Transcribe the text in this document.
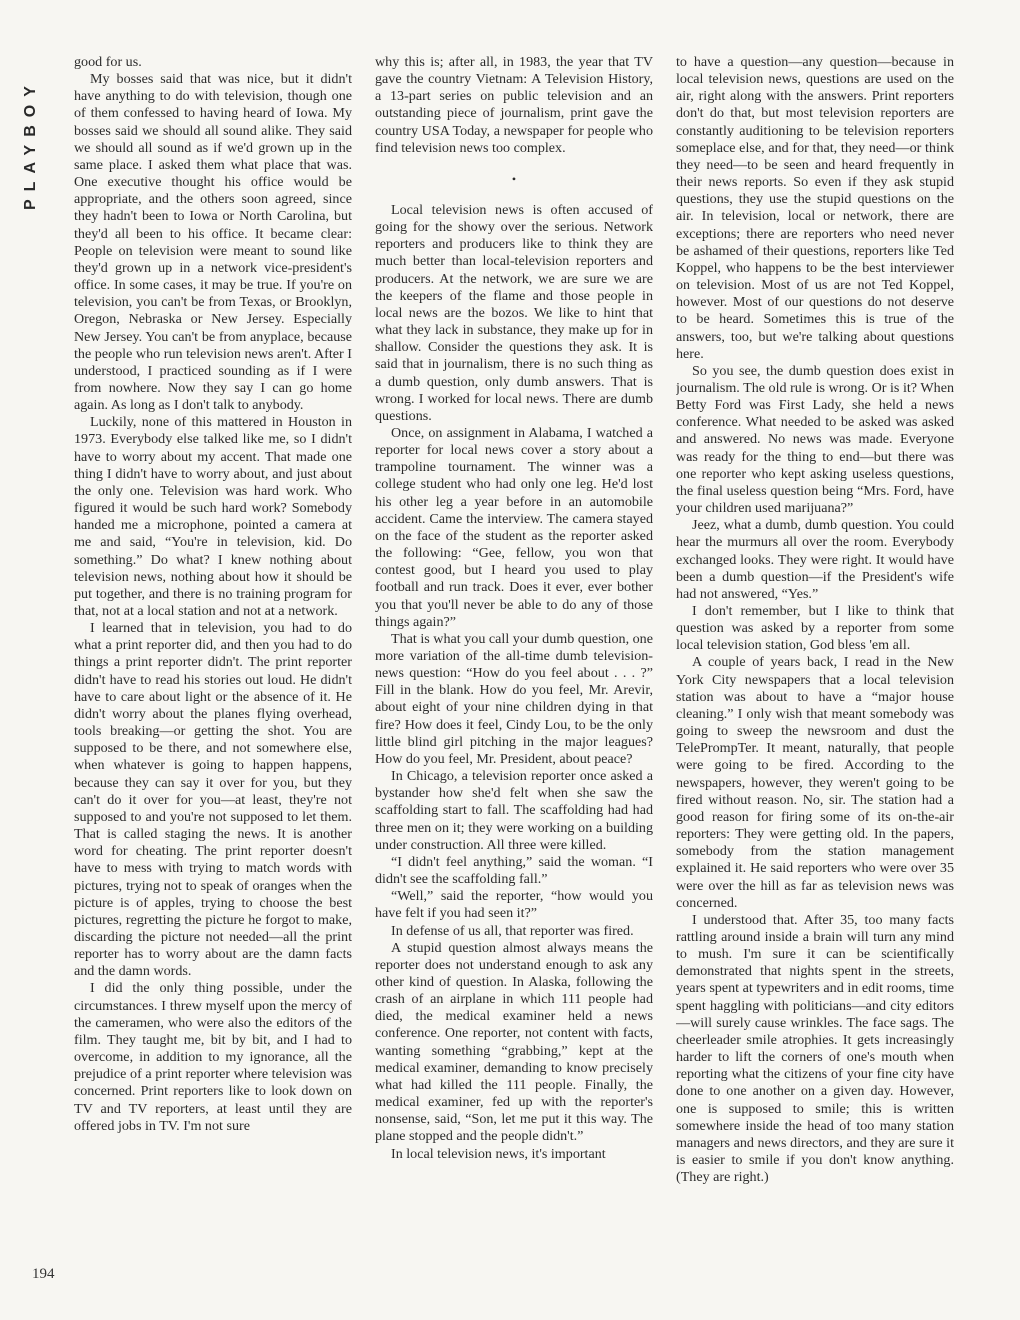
PLAYBOY

good for us.

My bosses said that was nice, but it didn't have anything to do with television, though one of them confessed to having heard of Iowa. My bosses said we should all sound alike. They said we should all sound as if we'd grown up in the same place. I asked them what place that was. One executive thought his office would be appropriate, and the others soon agreed, since they hadn't been to Iowa or North Carolina, but they'd all been to his office. It became clear: People on television were meant to sound like they'd grown up in a network vice-president's office. In some cases, it may be true. If you're on television, you can't be from Texas, or Brooklyn, Oregon, Nebraska or New Jersey. Especially New Jersey. You can't be from anyplace, because the people who run television news aren't. After I understood, I practiced sounding as if I were from nowhere. Now they say I can go home again. As long as I don't talk to anybody.

Luckily, none of this mattered in Houston in 1973. Everybody else talked like me, so I didn't have to worry about my accent. That made one thing I didn't have to worry about, and just about the only one. Television was hard work. Who figured it would be such hard work? Somebody handed me a microphone, pointed a camera at me and said, “You're in television, kid. Do something.” Do what? I knew nothing about television news, nothing about how it should be put together, and there is no training program for that, not at a local station and not at a network.

I learned that in television, you had to do what a print reporter did, and then you had to do things a print reporter didn't. The print reporter didn't have to read his stories out loud. He didn't have to care about light or the absence of it. He didn't worry about the planes flying overhead, tools breaking—or getting the shot. You are supposed to be there, and not somewhere else, when whatever is going to happen happens, because they can say it over for you, but they can't do it over for you—at least, they're not supposed to and you're not supposed to let them. That is called staging the news. It is another word for cheating. The print reporter doesn't have to mess with trying to match words with pictures, trying not to speak of oranges when the picture is of apples, trying to choose the best pictures, regretting the picture he forgot to make, discarding the picture not needed—all the print reporter has to worry about are the damn facts and the damn words.

I did the only thing possible, under the circumstances. I threw myself upon the mercy of the cameramen, who were also the editors of the film. They taught me, bit by bit, and I had to overcome, in addition to my ignorance, all the prejudice of a print reporter where television was concerned. Print reporters like to look down on TV and TV reporters, at least until they are offered jobs in TV. I'm not sure

why this is; after all, in 1983, the year that TV gave the country Vietnam: A Television History, a 13-part series on public television and an outstanding piece of journalism, print gave the country USA Today, a newspaper for people who find television news too complex.

•

Local television news is often accused of going for the showy over the serious. Network reporters and producers like to think they are much better than local-television reporters and producers. At the network, we are sure we are the keepers of the flame and those people in local news are the bozos. We like to hint that what they lack in substance, they make up for in shallow. Consider the questions they ask. It is said that in journalism, there is no such thing as a dumb question, only dumb answers. That is wrong. I worked for local news. There are dumb questions.

Once, on assignment in Alabama, I watched a reporter for local news cover a story about a trampoline tournament. The winner was a college student who had only one leg. He'd lost his other leg a year before in an automobile accident. Came the interview. The camera stayed on the face of the student as the reporter asked the following: “Gee, fellow, you won that contest good, but I heard you used to play football and run track. Does it ever, ever bother you that you'll never be able to do any of those things again?”

That is what you call your dumb question, one more variation of the all-time dumb television-news question: “How do you feel about . . . ?” Fill in the blank. How do you feel, Mr. Arevir, about eight of your nine children dying in that fire? How does it feel, Cindy Lou, to be the only little blind girl pitching in the major leagues? How do you feel, Mr. President, about peace?

In Chicago, a television reporter once asked a bystander how she'd felt when she saw the scaffolding start to fall. The scaffolding had had three men on it; they were working on a building under construction. All three were killed.

“I didn't feel anything,” said the woman. “I didn't see the scaffolding fall.”

“Well,” said the reporter, “how would you have felt if you had seen it?”

In defense of us all, that reporter was fired.

A stupid question almost always means the reporter does not understand enough to ask any other kind of question. In Alaska, following the crash of an airplane in which 111 people had died, the medical examiner held a news conference. One reporter, not content with facts, wanting something “grabbing,” kept at the medical examiner, demanding to know precisely what had killed the 111 people. Finally, the medical examiner, fed up with the reporter's nonsense, said, “Son, let me put it this way. The plane stopped and the people didn't.”

In local television news, it's important

to have a question—any question—because in local television news, questions are used on the air, right along with the answers. Print reporters don't do that, but most television reporters are constantly auditioning to be television reporters someplace else, and for that, they need—or think they need—to be seen and heard frequently in their news reports. So even if they ask stupid questions, they use the stupid questions on the air. In television, local or network, there are exceptions; there are reporters who need never be ashamed of their questions, reporters like Ted Koppel, who happens to be the best interviewer on television. Most of us are not Ted Koppel, however. Most of our questions do not deserve to be heard. Sometimes this is true of the answers, too, but we're talking about questions here.

So you see, the dumb question does exist in journalism. The old rule is wrong. Or is it? When Betty Ford was First Lady, she held a news conference. What needed to be asked was asked and answered. No news was made. Everyone was ready for the thing to end—but there was one reporter who kept asking useless questions, the final useless question being “Mrs. Ford, have your children used marijuana?”

Jeez, what a dumb, dumb question. You could hear the murmurs all over the room. Everybody exchanged looks. They were right. It would have been a dumb question—if the President's wife had not answered, “Yes.”

I don't remember, but I like to think that question was asked by a reporter from some local television station, God bless 'em all.

A couple of years back, I read in the New York City newspapers that a local television station was about to have a “major house cleaning.” I only wish that meant somebody was going to sweep the newsroom and dust the TelePrompTer. It meant, naturally, that people were going to be fired. According to the newspapers, however, they weren't going to be fired without reason. No, sir. The station had a good reason for firing some of its on-the-air reporters: They were getting old. In the papers, somebody from the station management explained it. He said reporters who were over 35 were over the hill as far as television news was concerned.

I understood that. After 35, too many facts rattling around inside a brain will turn any mind to mush. I'm sure it can be scientifically demonstrated that nights spent in the streets, years spent at typewriters and in edit rooms, time spent haggling with politicians—and city editors—will surely cause wrinkles. The face sags. The cheerleader smile atrophies. It gets increasingly harder to lift the corners of one's mouth when reporting what the citizens of your fine city have done to one another on a given day. However, one is supposed to smile; this is written somewhere inside the head of too many station managers and news directors, and they are sure it is easier to smile if you don't know anything. (They are right.)

194
